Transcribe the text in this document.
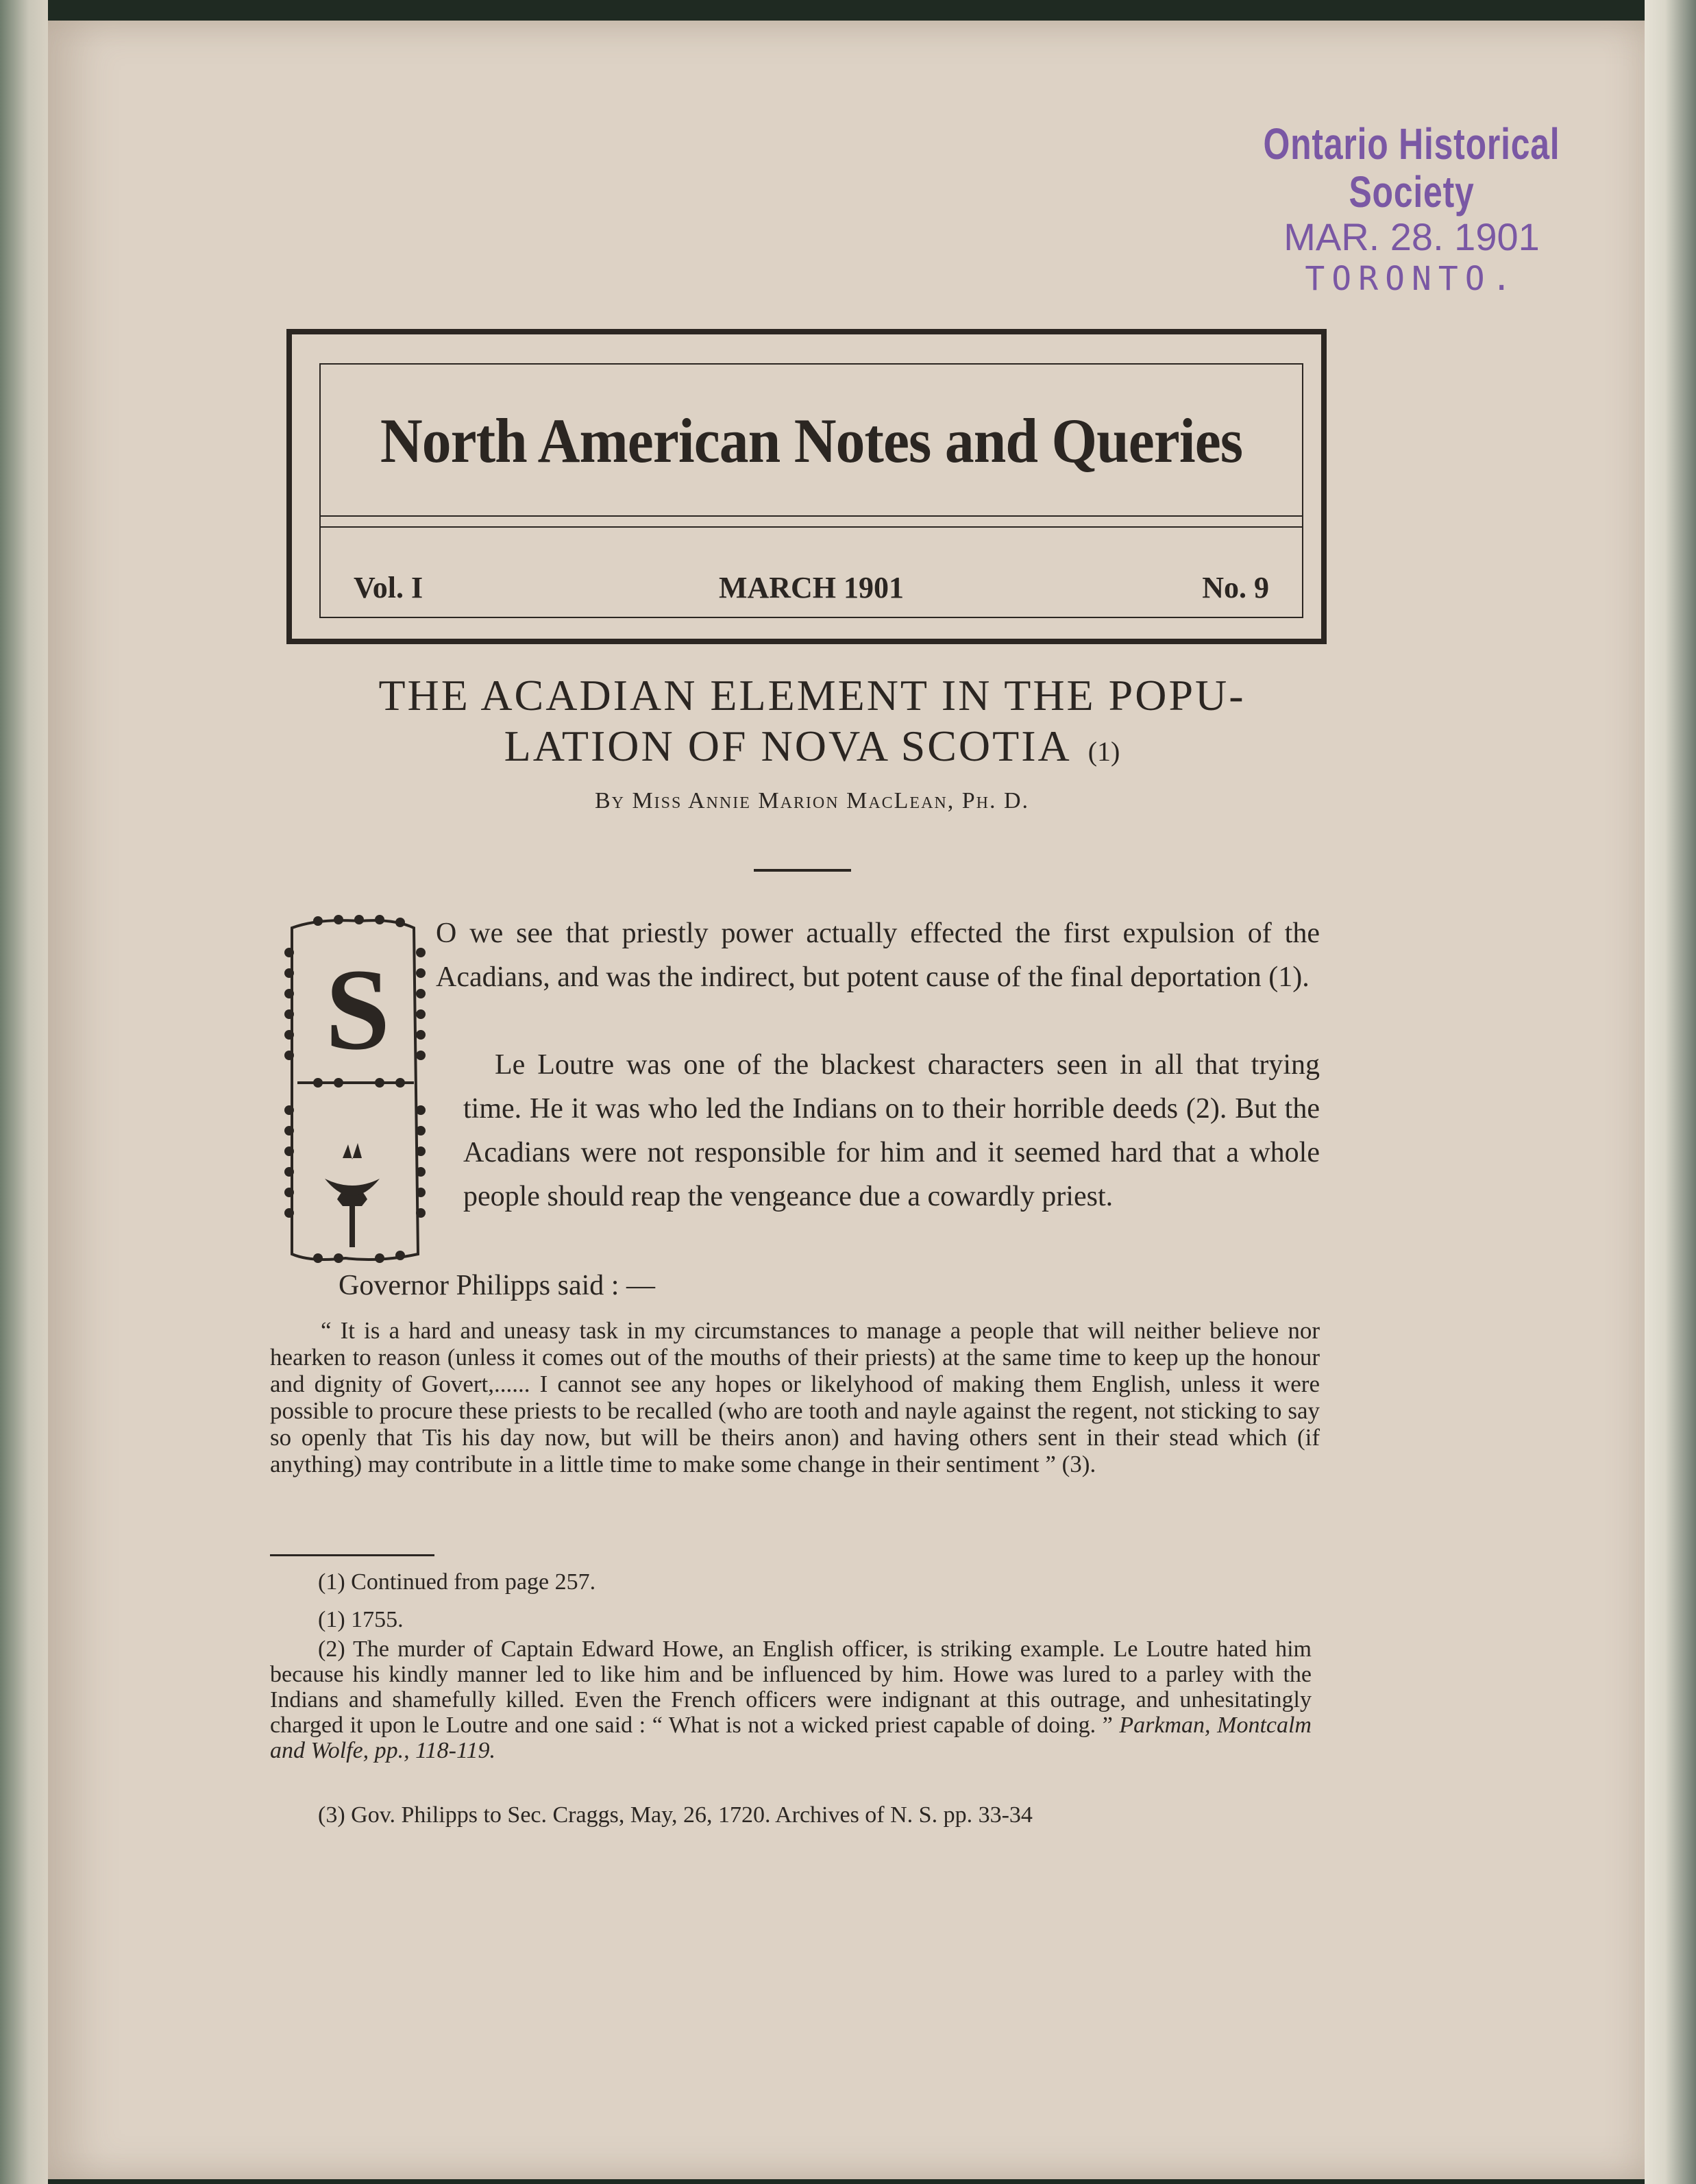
Ontario Historical Society
MAR. 28. 1901
TORONTO.
North American Notes and Queries
Vol. I	MARCH 1901	No. 9
THE ACADIAN ELEMENT IN THE POPU-
LATION OF NOVA SCOTIA (1)
By Miss Annie Marion MacLean, Ph. D.
S
O we see that priestly power actually effected the first expulsion of the Acadians, and was the indirect, but potent cause of the final deportation (1).
Le Loutre was one of the blackest characters seen in all that trying time. He it was who led the Indians on to their horrible deeds (2). But the Acadians were not responsible for him and it seemed hard that a whole people should reap the vengeance due a cowardly priest.
Governor Philipps said : —
“ It is a hard and uneasy task in my circumstances to manage a people that will neither believe nor hearken to reason (unless it comes out of the mouths of their priests) at the same time to keep up the honour and dignity of Govert,...... I cannot see any hopes or likelyhood of making them English, unless it were possible to procure these priests to be recalled (who are tooth and nayle against the regent, not sticking to say so openly that Tis his day now, but will be theirs anon) and having others sent in their stead which (if anything) may contribute in a little time to make some change in their sentiment ” (3).
(1) Continued from page 257.
(1) 1755.
(2) The murder of Captain Edward Howe, an English officer, is striking example. Le Loutre hated him because his kindly manner led to like him and be influenced by him. Howe was lured to a parley with the Indians and shamefully killed. Even the French officers were indignant at this outrage, and unhesitatingly charged it upon le Loutre and one said : “ What is not a wicked priest capable of doing. ” Parkman, Montcalm and Wolfe, pp., 118-119.
(3) Gov. Philipps to Sec. Craggs, May, 26, 1720. Archives of N. S. pp. 33-34
